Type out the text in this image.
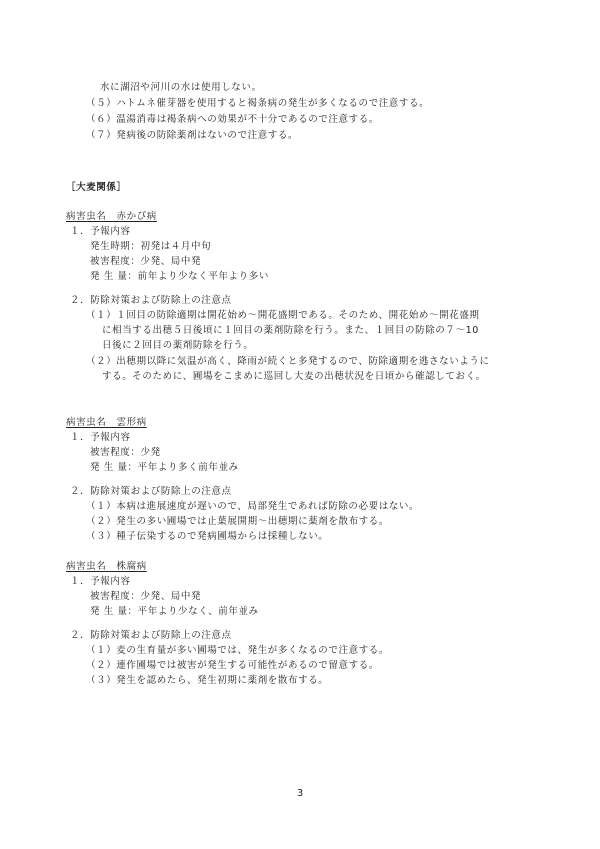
水に湖沼や河川の水は使用しない。
（５）ハトムネ催芽器を使用すると褐条病の発生が多くなるので注意する。
（６）温湯消毒は褐条病への効果が不十分であるので注意する。
（７）発病後の防除薬剤はないので注意する。
［大麦関係］
病害虫名　赤かび病
１．予報内容
発生時期：初発は４月中旬
被害程度：少発、局中発
発 生 量：前年より少なく平年より多い
２．防除対策および防除上の注意点
（１）１回目の防除適期は開花始め～開花盛期である。そのため、開花始め～開花盛期
に相当する出穂５日後頃に１回目の薬剤防除を行う。また、１回目の防除の７～10
日後に２回目の薬剤防除を行う。
（２）出穂期以降に気温が高く、降雨が続くと多発するので、防除適期を逃さないように
する。そのために、圃場をこまめに巡回し大麦の出穂状況を日頃から確認しておく。
病害虫名　雲形病
１．予報内容
被害程度：少発
発 生 量：平年より多く前年並み
２．防除対策および防除上の注意点
（１）本病は進展速度が遅いので、局部発生であれば防除の必要はない。
（２）発生の多い圃場では止葉展開期～出穂期に薬剤を散布する。
（３）種子伝染するので発病圃場からは採種しない。
病害虫名　株腐病
１．予報内容
被害程度：少発、局中発
発 生 量：平年より少なく、前年並み
２．防除対策および防除上の注意点
（１）麦の生育量が多い圃場では、発生が多くなるので注意する。
（２）連作圃場では被害が発生する可能性があるので留意する。
（３）発生を認めたら、発生初期に薬剤を散布する。
3
